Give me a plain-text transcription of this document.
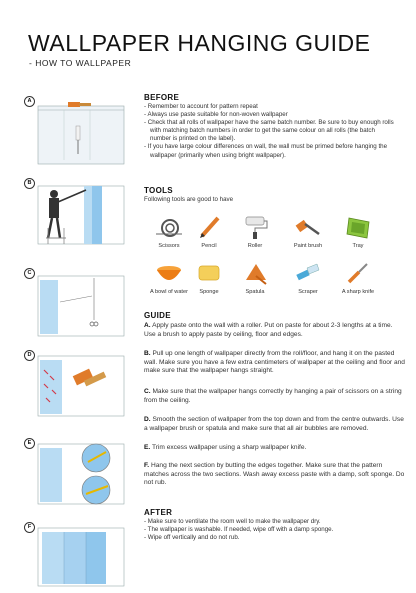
WALLPAPER HANGING GUIDE
- HOW TO WALLPAPER
A
B
C
D
E
F
BEFORE
- Remember to account for pattern repeat
- Always use paste suitable for non-woven wallpaper
- Check that all rolls of wallpaper have the same batch number. Be sure to buy enough rolls with matching batch numbers in order to get the same colour on all rolls (the batch number is printed on the label).
- If you have large colour differences on wall, the wall must be primed before hanging the wallpaper (primarily when using bright wallpaper).
TOOLS
Following tools are good to have
Scissors	Pencil	Roller	Paint brush	Tray
A bowl of water	Sponge	Spatula	Scraper	A sharp knife
GUIDE

A. Apply paste onto the wall with a roller. Put on paste for about 2-3 lengths at a time. Use a brush to apply paste by ceiling, floor and edges.

B. Pull up one length of wallpaper directly from the roll/floor, and hang it on the pasted wall. Make sure you have a few extra centimeters of wallpaper at the ceiling and floor and make sure that the wallpaper hangs straight.

C. Make sure that the wallpaper hangs correctly by hanging a pair of scissors on a string from the ceiling.

D. Smooth the section of wallpaper from the top down and from the centre outwards. Use a wallpaper brush or spatula and make sure that all air bubbles are removed.

E. Trim excess wallpaper using a sharp wallpaper knife.

F. Hang the next section by butting the edges together. Make sure that the pattern matches across the two sections. Wash away excess paste with a damp, soft sponge. Do not rub.

AFTER
- Make sure to ventilate the room well to make the wallpaper dry.
- The wallpaper is washable. If needed, wipe off with a damp sponge.
- Wipe off vertically and do not rub.
